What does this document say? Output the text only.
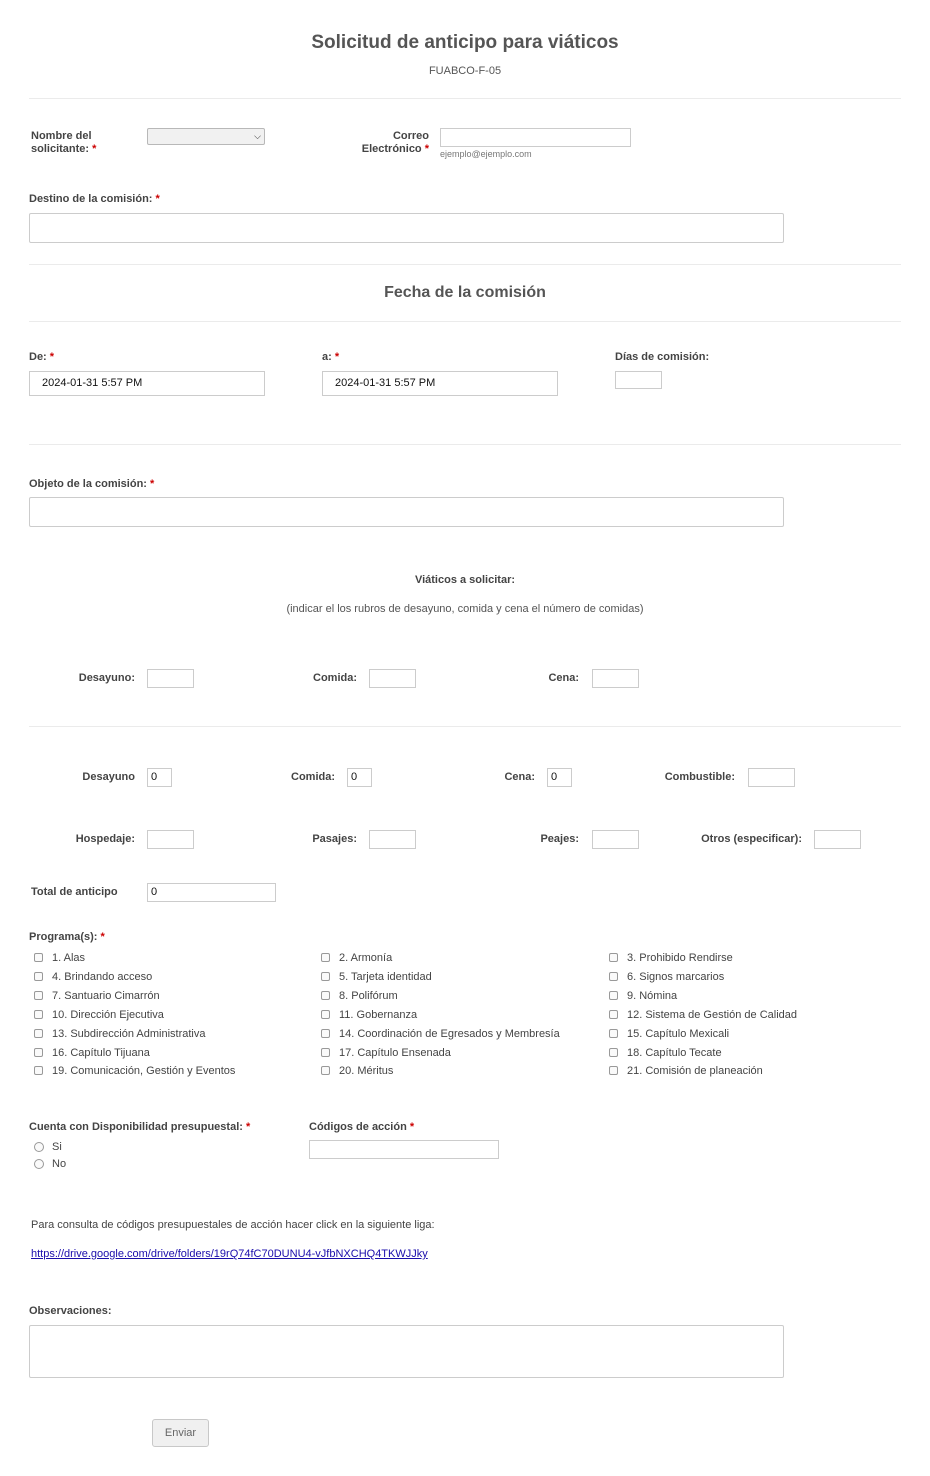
Solicitud de anticipo para viáticos
FUABCO-F-05
Nombre del
solicitante: *
⌵	Correo
Electrónico * ejemplo@ejemplo.com
Destino de la comisión: *
Fecha de la comisión
De: *
2024-01-31 5:57 PM
a: *
2024-01-31 5:57 PM
Días de comisión:
Objeto de la comisión: *
Viáticos a solicitar:
(indicar el los rubros de desayuno, comida y cena el número de comidas)
Desayuno:	Comida:	Cena:
Desayuno	0	Comida:	0	Cena:	0	Combustible:
Hospedaje:	Pasajes:	Peajes:	Otros (especificar):
Total de anticipo	0
Programa(s): *
1. Alas	2. Armonía	3. Prohibido Rendirse
4. Brindando acceso	5. Tarjeta identidad	6. Signos marcarios
7. Santuario Cimarrón	8. Polifórum	9. Nómina
10. Dirección Ejecutiva	11. Gobernanza	12. Sistema de Gestión de Calidad
13. Subdirección Administrativa	14. Coordinación de Egresados y Membresía	15. Capítulo Mexicali
16. Capítulo Tijuana	17. Capítulo Ensenada	18. Capítulo Tecate
19. Comunicación, Gestión y Eventos	20. Méritus	21. Comisión de planeación
Cuenta con Disponibilidad presupuestal: *
Si
No
Códigos de acción *
Para consulta de códigos presupuestales de acción hacer click en la siguiente liga:
https://drive.google.com/drive/folders/19rQ74fC70DUNU4-vJfbNXCHQ4TKWJJky
Observaciones:
Enviar
